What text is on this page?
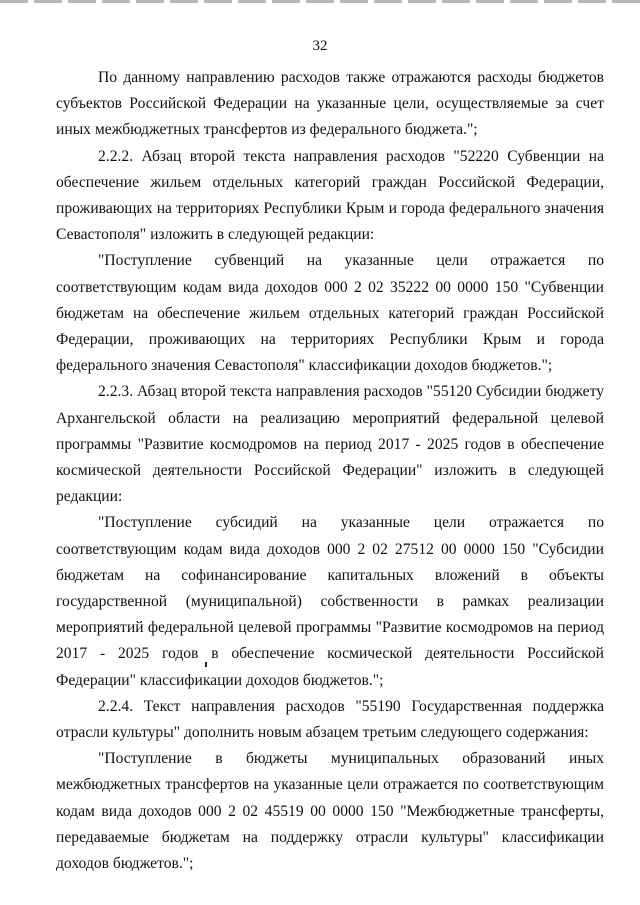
32

По данному направлению расходов также отражаются расходы бюджетов субъектов Российской Федерации на указанные цели, осуществляемые за счет иных межбюджетных трансфертов из федерального бюджета.";

2.2.2. Абзац второй текста направления расходов "52220 Субвенции на обеспечение жильем отдельных категорий граждан Российской Федерации, проживающих на территориях Республики Крым и города федерального значения Севастополя" изложить в следующей редакции:

"Поступление субвенций на указанные цели отражается по соответствующим кодам вида доходов 000 2 02 35222 00 0000 150 "Субвенции бюджетам на обеспечение жильем отдельных категорий граждан Российской Федерации, проживающих на территориях Республики Крым и города федерального значения Севастополя" классификации доходов бюджетов.";

2.2.3. Абзац второй текста направления расходов "55120 Субсидии бюджету Архангельской области на реализацию мероприятий федеральной целевой программы "Развитие космодромов на период 2017 - 2025 годов в обеспечение космической деятельности Российской Федерации" изложить в следующей редакции:

"Поступление субсидий на указанные цели отражается по соответствующим кодам вида доходов 000 2 02 27512 00 0000 150 "Субсидии бюджетам на софинансирование капитальных вложений в объекты государственной (муниципальной) собственности в рамках реализации мероприятий федеральной целевой программы "Развитие космодромов на период 2017 - 2025 годов в обеспечение космической деятельности Российской Федерации" классификации доходов бюджетов.";

2.2.4. Текст направления расходов "55190 Государственная поддержка отрасли культуры" дополнить новым абзацем третьим следующего содержания:

"Поступление в бюджеты муниципальных образований иных межбюджетных трансфертов на указанные цели отражается по соответствующим кодам вида доходов 000 2 02 45519 00 0000 150 "Межбюджетные трансферты, передаваемые бюджетам на поддержку отрасли культуры" классификации доходов бюджетов.";
